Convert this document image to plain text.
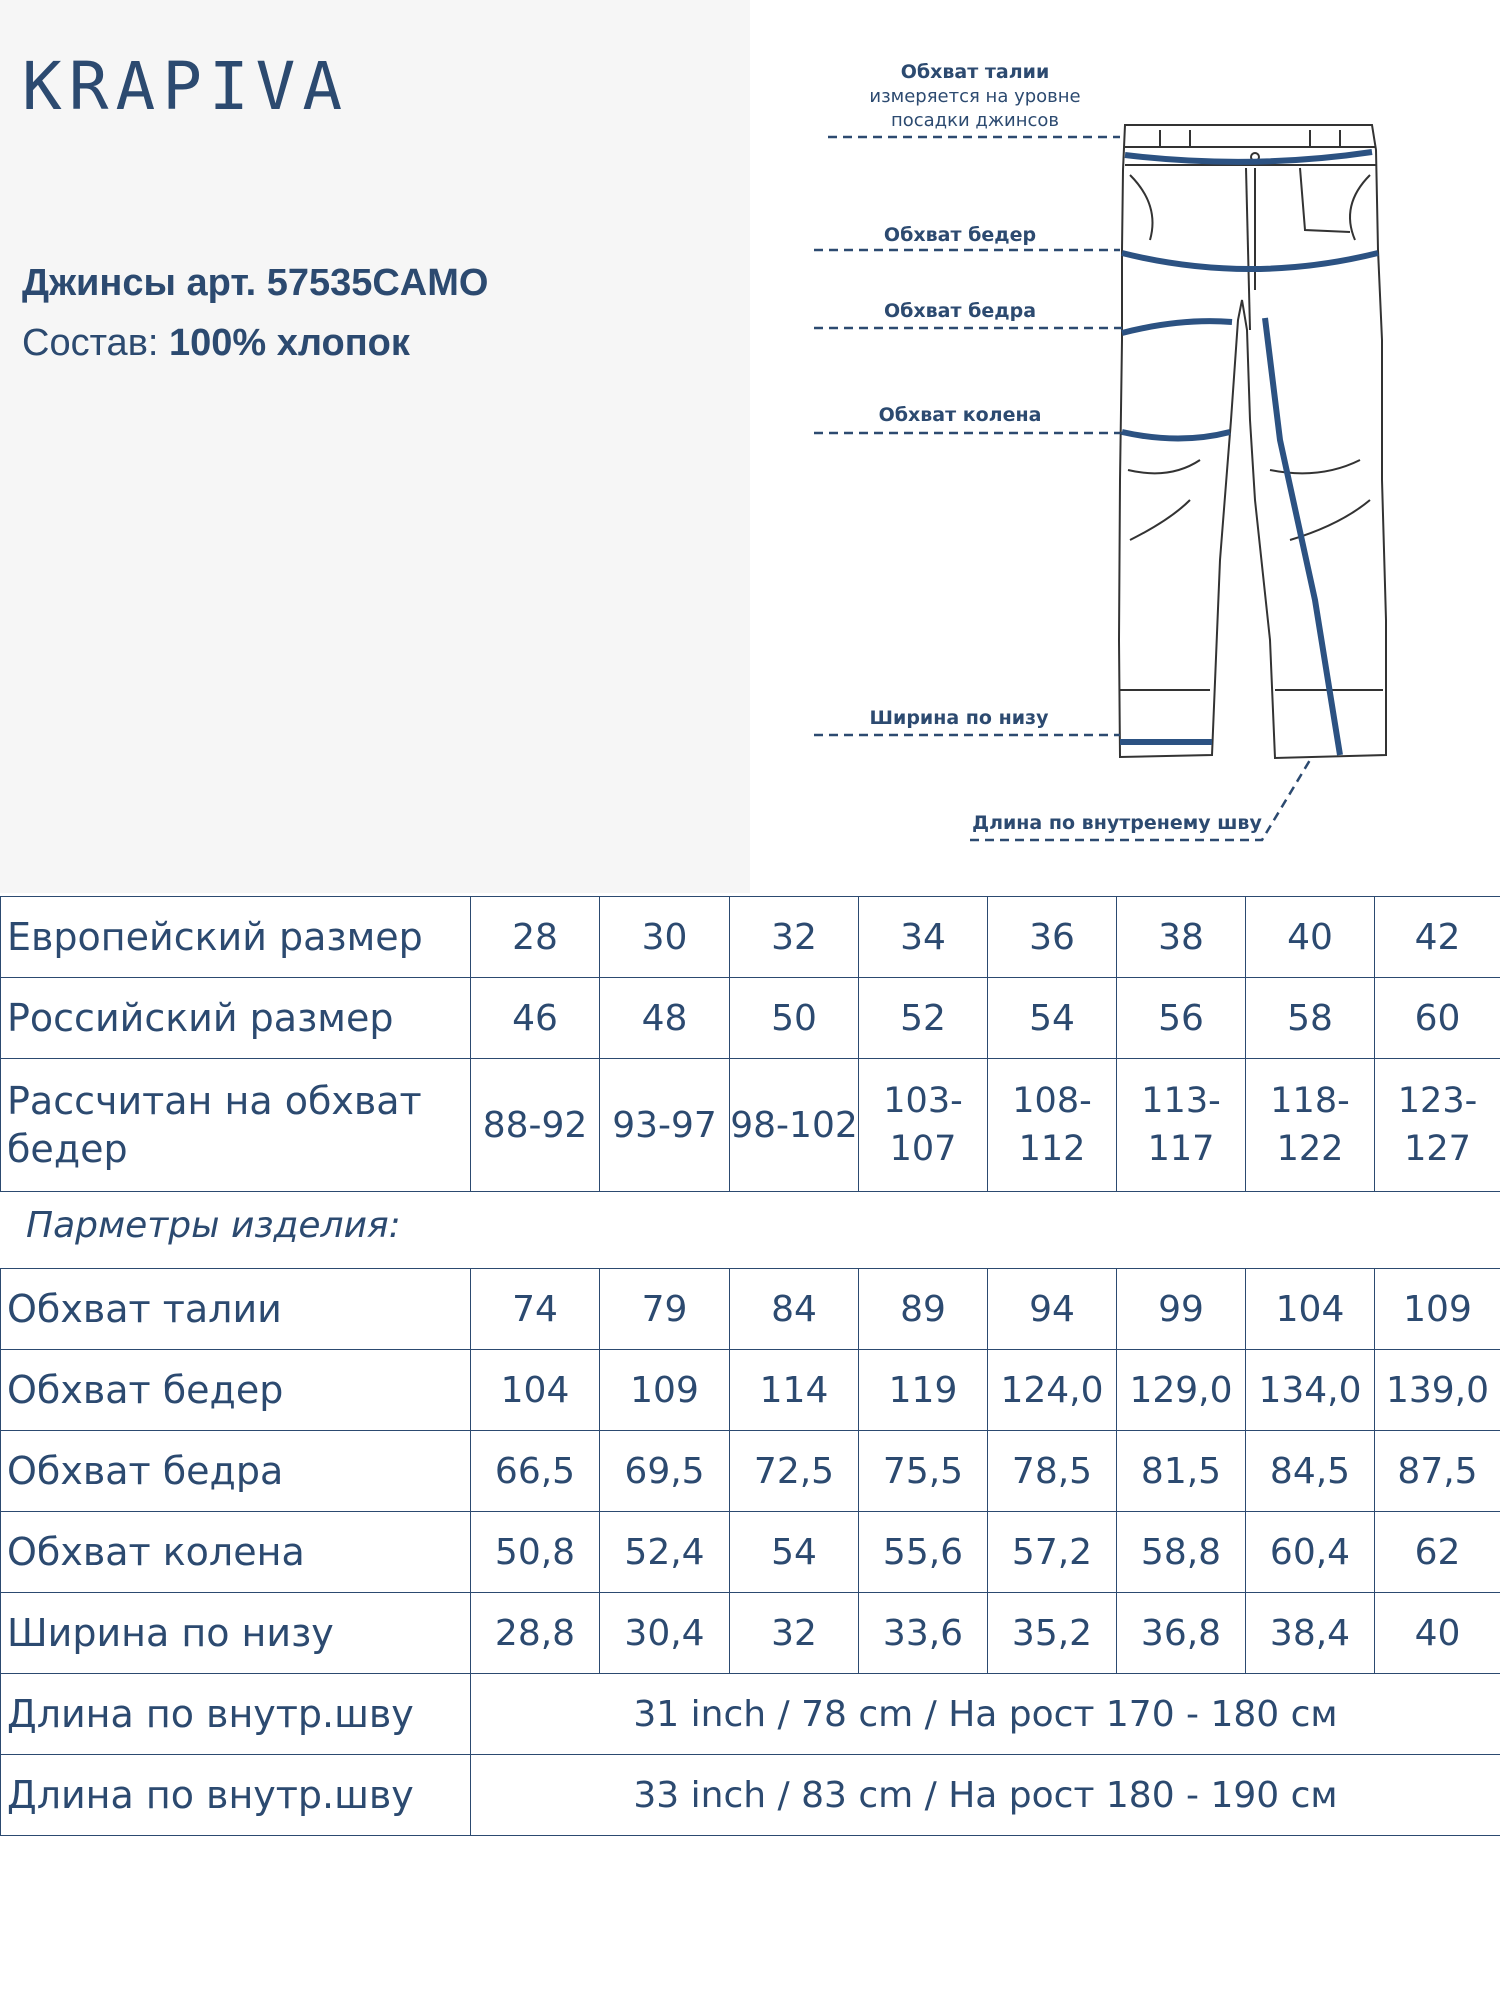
KRAPIVA
Джинсы арт. 57535CAMO
Состав: 100% хлопок
Обхват талии
измеряется на уровне
посадки джинсов
Обхват бедер
Обхват бедра
Обхват колена
Ширина по низу
Длина по внутренему шву
Европейский размер	28	30	32	34	36	38	40	42
Российский размер	46	48	50	52	54	56	58	60
Рассчитан на обхват бедер	88-92	93-97	98-102	103-107	108-112	113-117	118-122	123-127
Парметры изделия:
Обхват талии	74	79	84	89	94	99	104	109
Обхват бедер	104	109	114	119	124,0	129,0	134,0	139,0
Обхват бедра	66,5	69,5	72,5	75,5	78,5	81,5	84,5	87,5
Обхват колена	50,8	52,4	54	55,6	57,2	58,8	60,4	62
Ширина по низу	28,8	30,4	32	33,6	35,2	36,8	38,4	40
Длина по внутр.шву	31 inch / 78 cm / На рост 170 - 180 см							
Длина по внутр.шву	33 inch / 83 cm / На рост 180 - 190 см							
